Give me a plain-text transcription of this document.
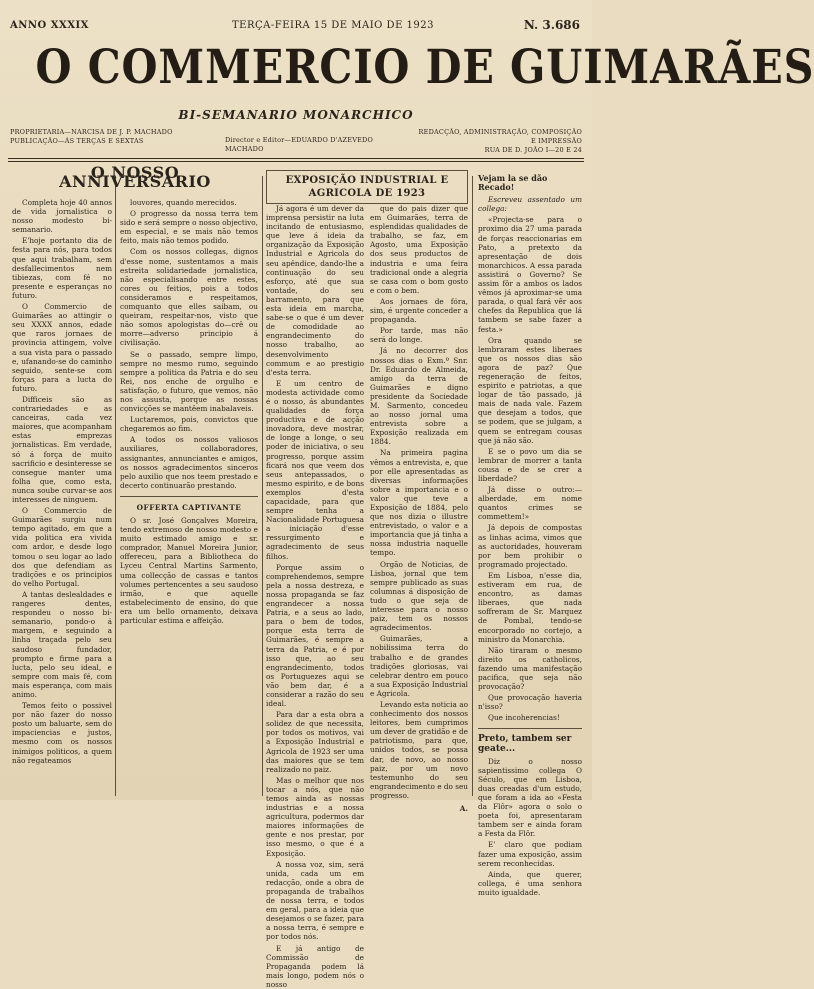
ANNO XXXIX	TERÇA-FEIRA 15 DE MAIO DE 1923	N. 3.686
O COMMERCIO DE GUIMARÃES
BI-SEMANARIO MONARCHICO
PROPRIETARIA—NARCISA DE J. P. MACHADO
PUBLICAÇÃO—ÁS TERÇAS E SEXTAS	Director e Editor—EDUARDO D'AZEVEDO MACHADO
REDACÇÃO, ADMINISTRAÇÃO, COMPOSIÇÃO
E IMPRESSÃO
RUA DE D. JOÃO I—20 E 24
O NOSSO ANNIVERSARIO

Completa hoje 40 annos de vida jornalistica o nosso modesto bi-semanario.

E'hoje portanto dia de festa para nós, para todos que aqui trabalham, sem desfallecimentos nem tibiezas, com fé no presente e esperanças no futuro.

O Commercio de Guimarães ao attingir o seu XXXX annos, edade que raros jornaes de provincia attingem, volve a sua vista para o passado e, ufanando-se do caminho seguido, sente-se com forças para a lucta do futuro.

Difficeis são as contrariedades e as canceiras, cada vez maiores, que acompanham estas emprezas jornalisticas. Em verdade, só á força de muito sacrificio e desinteresse se consegue manter uma folha que, como esta, nunca soube curvar-se aos interesses de ninguem.

O Commercio de Guimarães surgiu num tempo agitado, em que a vida politica era vivida com ardor, e desde logo tomou o seu logar ao lado dos que defendiam as tradições e os principios do velho Portugal.

A tantas deslealdades e rangeres dentes, respondeu o nosso bi-semanario, pondo-o á margem, e seguindo a linha traçada pelo seu saudoso fundador, prompto e firme para a lucta, pelo seu ideal, e sempre com mais fé, com mais esperança, com mais animo.

Temos feito o possivel por não fazer do nosso posto um baluarte, sem do impaciencias e justos, mesmo com os nossos inimigos politicos, a quem não regateamos

louvores, quando merecidos.

O progresso da nossa terra tem sido e será sempre o nosso objectivo, em especial, e se mais não temos feito, mais não temos podido.

Com os nossos collegas, dignos d'esse nome, sustentamos a mais estreita solidariedade jornalistica, não especialisando entre estes, cores ou feitios, pois a todos consideramos e respeitamos, comquanto que elles saibam, ou queiram, respeitar-nos, visto que não somos apologistas do—crê ou morre—adverso principio á civilisação.

Se o passado, sempre limpo, sempre no mesmo rumo, seguindo sempre a politica da Patria e do seu Rei, nos enche de orgulho e satisfação, o futuro, que vemos, não nos assusta, porque as nossas convicções se mantêem inabalaveis.

Luctaremos, pois, convictos que chegaremos ao fim.

A todos os nossos valiosos auxiliares, collaboradores, assignantes, annunciantes e amigos, os nossos agradecimentos sinceros pelo auxilio que nos teem prestado e decerto continuarão prestando.

OFFERTA CAPTIVANTE

O sr. José Gonçalves Moreira, tendo extremoso de nosso modesto e muito estimado amigo e sr. comprador, Manuel Moreira Junior, offereceu, para a Bibliotheca do Lyceu Central Martins Sarmento, uma collecção de cassas e tantos volumes pertencentes a seu saudoso irmão, e que aquelle estabelecimento de ensino, do que era um bello ornamento, deixava particular estima e affeição.

EXPOSIÇÃO INDUSTRIAL E AGRICOLA DE 1923

Já agora é um dever da imprensa persistir na luta incitando de entusiasmo, que leve á ideia da organização da Exposição Industrial e Agricola do seu apêndice, dando-lhe a continuação do seu esforço, até que sua vontade, do seu barramento, para que esta ideia em marcha, sabe-se o que é um dever de comodidade ao engrandecimento do nosso trabalho, ao desenvolvimento commum e ao prestigio d'esta terra.

E um centro de modesta actividade como é o nosso, ás abundantes qualidades de força productiva e de acção inovadora, deve mostrar, de longe a longe, o seu poder de iniciativa, o seu progresso, porque assim ficará nos que veem dos seus antepassados, o mesmo espirito, e de bons exemplos d'esta capacidade, para que sempre tenha a Nacionalidade Portuguesa a iniciação d'esse ressurgimento e agradecimento de seus filhos.

Porque assim o comprehendemos, sempre pela a nossa destreza, e nossa propaganda se faz engrandecer a nossa Patria, e a seus ao lado, para o bem de todos, porque esta terra de Guimarães, é sempre a terra da Patria, e é por isso que, ao seu engrandecimento, todos os Portuguezes aqui se vão bem dar, é a considerar a razão do seu ideal.

Para dar a esta obra a solidez de que necessita, por todos os motivos, vai a Exposição Industrial e Agricola de 1923 ser uma das maiores que se tem realizado no paiz.

Mas o melhor que nos tocar a nós, que não temos ainda as nossas industrias e a nossa agricultura, podermos dar maiores informações de gente e nos prestar, por isso mesmo, o que é a Exposição.

A nossa voz, sim, será unida, cada um em redacção, onde a obra de propaganda de trabalhos de nossa terra, e todos em geral, para a ideia que desejamos o se fazer, para a nossa terra, é sempre e por todos nós.

E já antigo de Commissão de Propaganda podem lá mais longo, podem nós o nosso

que do pais dizer que em Guimarães, terra de esplendidas qualidades de trabalho, se faz, em Agosto, uma Exposição dos seus productos de industria e uma feira tradicional onde a alegria se casa com o bom gosto e com o bem.

Aos jornaes de fóra, sim, é urgente conceder a propaganda.

Por tarde, mas não será do longe.

Já no decorrer dos nossos dias o Exm.º Snr. Dr. Eduardo de Almeida, amigo da terra de Guimarães e digno presidente da Sociedade M. Sarmento, concedeu ao nosso jornal uma entrevista sobre a Exposição realizada em 1884.

Na primeira pagina vêmos a entrevista, e, que por elle apresentadas as diversas informações sobre a importancia e o valor que teve a Exposição de 1884, pelo que nos dizia o illustre entrevistado, o valor e a importancia que já tinha a nossa industria naquelle tempo.

Orgão de Noticias, de Lisboa, jornal que tem sempre publicado as suas columnas á disposição de tudo o que seja de interesse para o nosso paiz, tem os nossos agradecimentos.

Guimarães, a nobilissima terra do trabalho e de grandes tradições gloriosas, vai celebrar dentro em pouco a sua Exposição Industrial e Agricola.

Levando esta noticia ao conhecimento dos nossos leitores, bem cumprimos um dever de gratidão e de patriotismo, para que, unidos todos, se possa dar, de novo, ao nosso paiz, por um novo testemunho do seu engrandecimento e do seu progresso.

A.
Vejam la se dão Recado!

Escreveu assentado um collega:

«Projecta-se para o proximo dia 27 uma parada de forças reaccionarias em Pato, a pretexto da apresentação de dois monarchicos. A essa parada assistirá o Governo? Se assim fôr a ambos os lados vêmos já aproximar-se uma parada, o qual fará vêr aos chefes da Republica que lá tambem se sabe fazer a festa.»

Ora quando se lembraram estes liberaes que os nossos dias são agora de paz? Que regeneração de feitos, espirito e patriotas, a que logar de tão passado, já mais de nada vale. Fazem que desejam a todos, que se podem, que se julgam, a quem se entregam cousas que já não são.

E se o povo um dia se lembrar de morrer a tanta cousa e de se crer a liberdade?

Já disse o outro:—alberdade, em nome quantos crimes se commettem!»

Já depois de compostas as linhas acima, vimos que as auctoridades, houveram por bem prohibir o programado projectado.

Em Lisboa, n'esse dia, estiveram em rua, de encontro, as damas liberaes, que nada soffreram de Sr. Marquez de Pombal, tendo-se encorporado no cortejo, a ministro da Monarchia.

Não tiraram o mesmo direito os catholicos, fazendo uma manifestação pacifica, que seja não provocação?

Que provocação haveria n'isso?

Que incoherencias!

Preto, tambem ser geate...

Diz o nosso sapientissimo collega O Século, que em Lisboa, duas creadas d'um estudo, que foram a ida ao «Festa da Flôr» agora o solo o poeta foi, apresentaram tambem ser e ainda foram a Festa da Flôr.

E' claro que podiam fazer uma exposição, assim serem reconhecidas.

Ainda, que querer, collega, é uma senhora muito igualdade.
